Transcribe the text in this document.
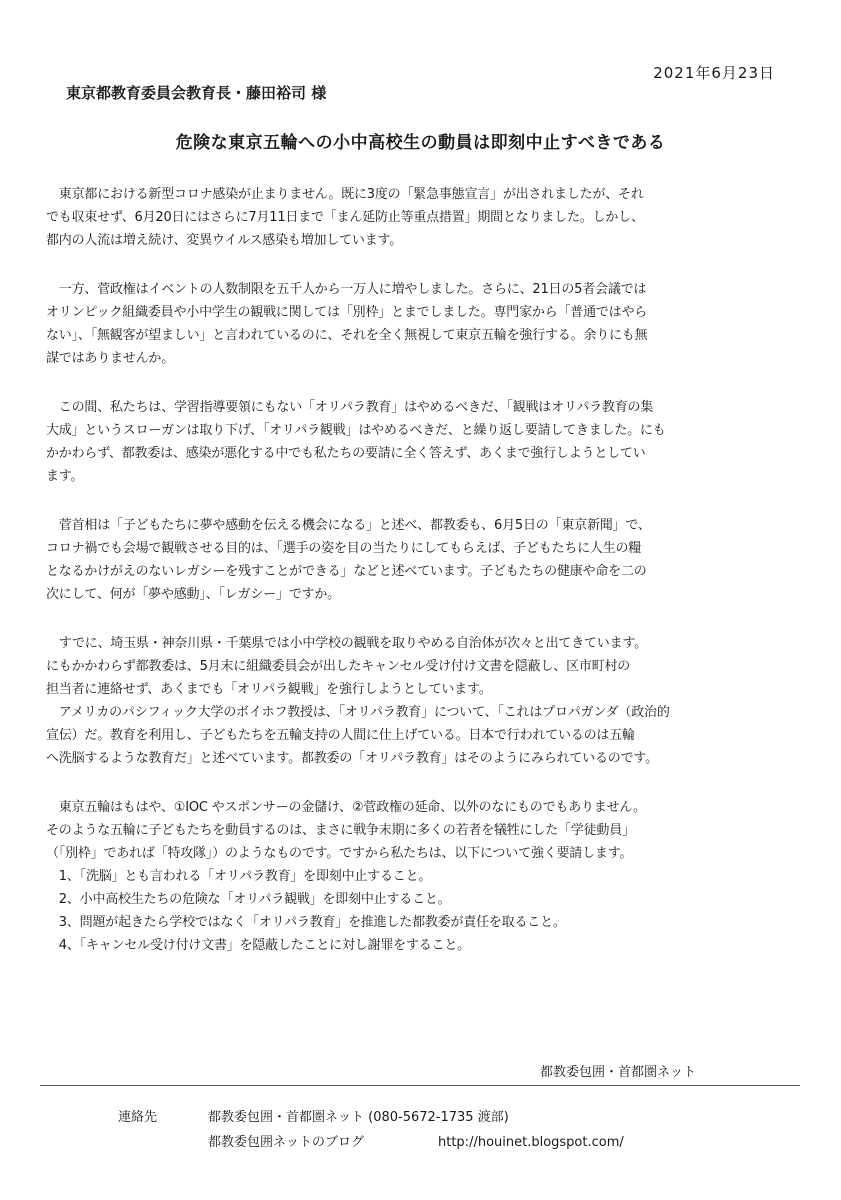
2021年6月23日
東京都教育委員会教育長・藤田裕司 様
危険な東京五輪への小中高校生の動員は即刻中止すべきである
　東京都における新型コロナ感染が止まりません。既に3度の「緊急事態宣言」が出されましたが、それ
でも収束せず、6月20日にはさらに7月11日まで「まん延防止等重点措置」期間となりました。しかし、
都内の人流は増え続け、変異ウイルス感染も増加しています。
　一方、菅政権はイベントの人数制限を五千人から一万人に増やしました。さらに、21日の5者会議では
オリンピック組織委員や小中学生の観戦に関しては「別枠」とまでしました。専門家から「普通ではやら
ない」、「無観客が望ましい」と言われているのに、それを全く無視して東京五輪を強行する。余りにも無
謀ではありませんか。
　この間、私たちは、学習指導要領にもない「オリパラ教育」はやめるべきだ、「観戦はオリパラ教育の集
大成」というスローガンは取り下げ、「オリパラ観戦」はやめるべきだ、と繰り返し要請してきました。にも
かかわらず、都教委は、感染が悪化する中でも私たちの要請に全く答えず、あくまで強行しようとしてい
ます。
　菅首相は「子どもたちに夢や感動を伝える機会になる」と述べ、都教委も、6月5日の「東京新聞」で、
コロナ禍でも会場で観戦させる目的は、「選手の姿を目の当たりにしてもらえば、子どもたちに人生の糧
となるかけがえのないレガシーを残すことができる」などと述べています。子どもたちの健康や命を二の
次にして、何が「夢や感動」、「レガシー」ですか。
　すでに、埼玉県・神奈川県・千葉県では小中学校の観戦を取りやめる自治体が次々と出てきています。
にもかかわらず都教委は、5月末に組織委員会が出したキャンセル受け付け文書を隠蔽し、区市町村の
担当者に連絡せず、あくまでも「オリパラ観戦」を強行しようとしています。
　アメリカのパシフィック大学のボイホフ教授は、「オリパラ教育」について、「これはプロパガンダ（政治的
宣伝）だ。教育を利用し、子どもたちを五輪支持の人間に仕上げている。日本で行われているのは五輪
へ洗脳するような教育だ」と述べています。都教委の「オリパラ教育」はそのようにみられているのです。
　東京五輪はもはや、①IOC やスポンサーの金儲け、②菅政権の延命、以外のなにものでもありません。
そのような五輪に子どもたちを動員するのは、まさに戦争末期に多くの若者を犠牲にした「学徒動員」
（「別枠」であれば「特攻隊」）のようなものです。ですから私たちは、以下について強く要請します。
　1、「洗脳」とも言われる「オリパラ教育」を即刻中止すること。
　2、小中高校生たちの危険な「オリパラ観戦」を即刻中止すること。
　3、問題が起きたら学校ではなく「オリパラ教育」を推進した都教委が責任を取ること。
　4、「キャンセル受け付け文書」を隠蔽したことに対し謝罪をすること。
都教委包囲・首都圏ネット
連絡先	都教委包囲・首都圏ネット (080-5672-1735 渡部)
都教委包囲ネットのブログ	http://houinet.blogspot.com/
